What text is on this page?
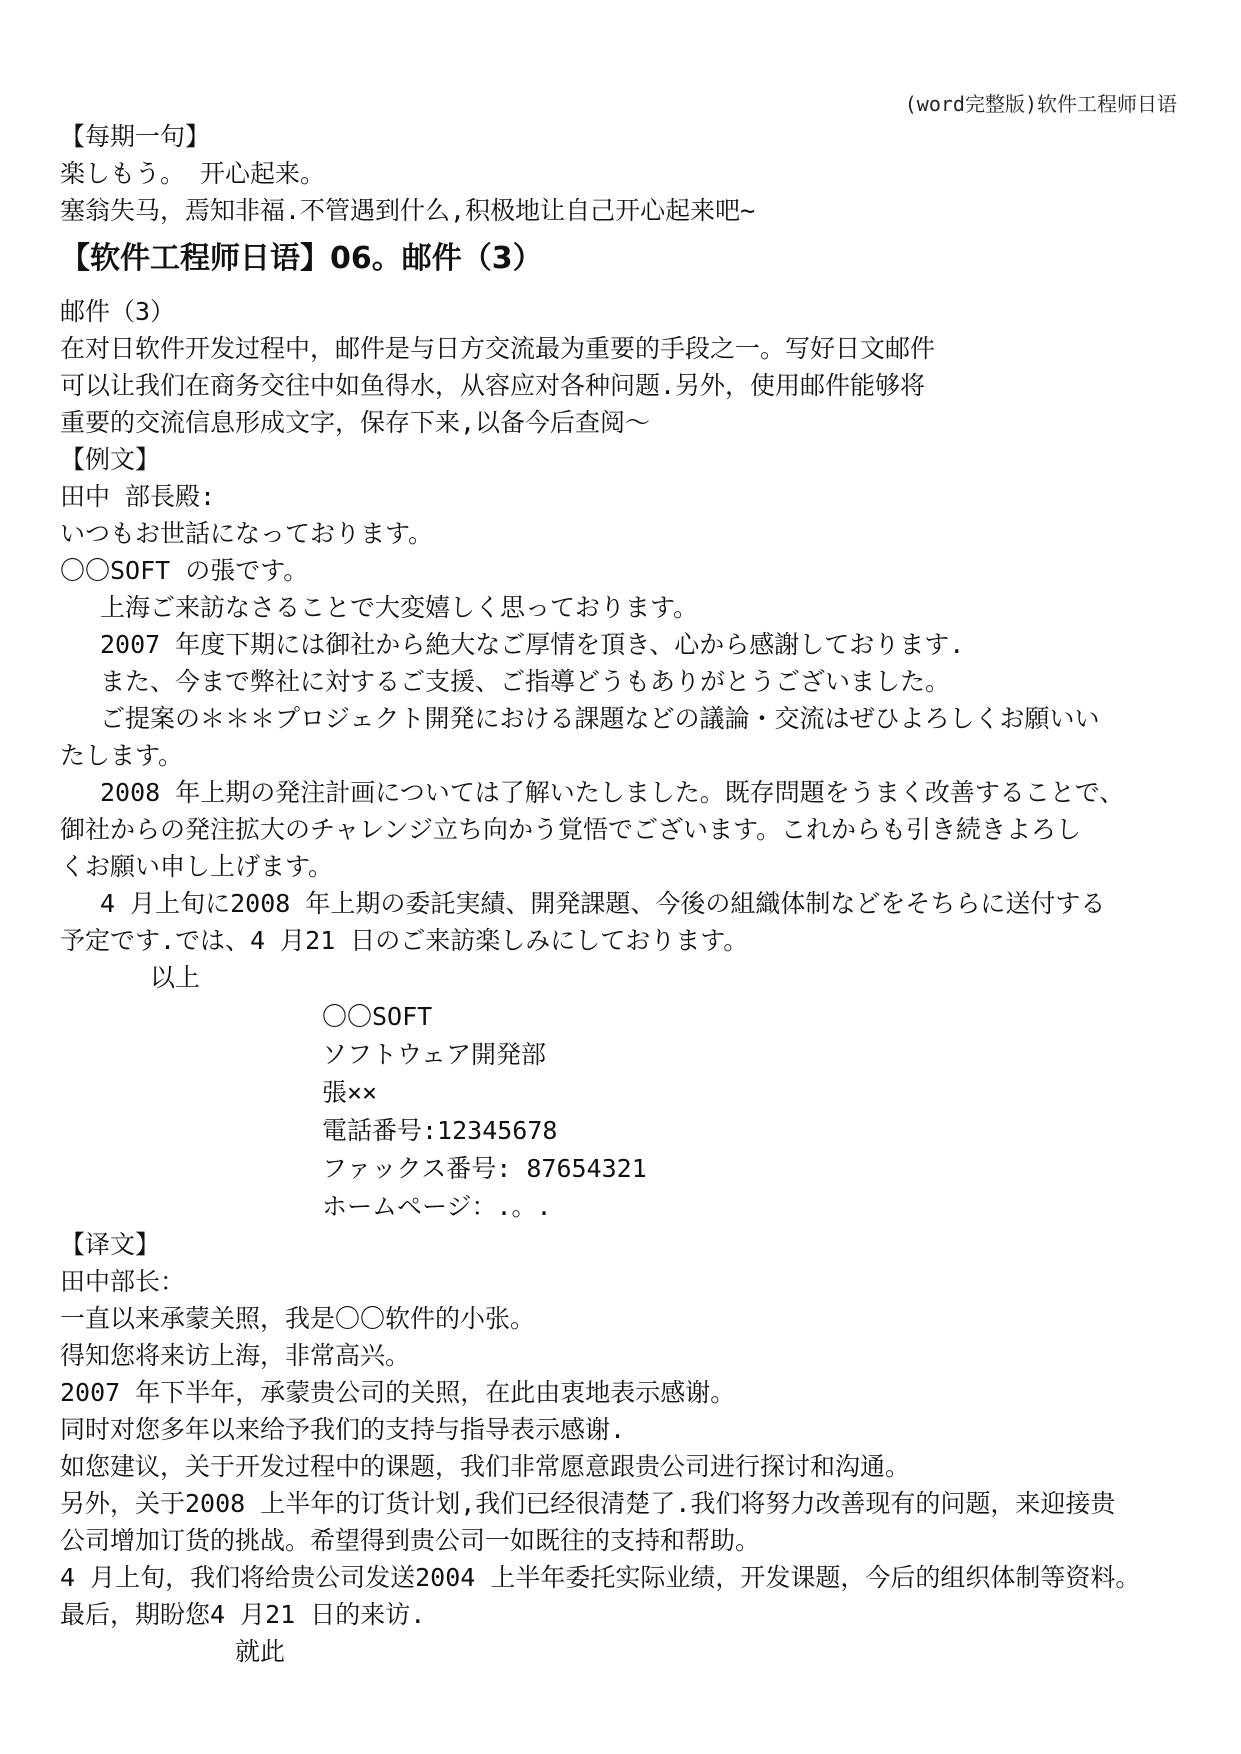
(word完整版)软件工程师日语

【每期一句】

楽しもう。 开心起来。

塞翁失马，焉知非福.不管遇到什么,积极地让自己开心起来吧~

【软件工程师日语】06。邮件（3）

邮件（3）

在对日软件开发过程中，邮件是与日方交流最为重要的手段之一。写好日文邮件

可以让我们在商务交往中如鱼得水，从容应对各种问题.另外，使用邮件能够将

重要的交流信息形成文字，保存下来,以备今后查阅～

【例文】

田中 部長殿:

いつもお世話になっております。

〇〇SOFT の張です。

上海ご来訪なさることで大変嬉しく思っております。

2007 年度下期には御社から絶大なご厚情を頂き、心から感謝しております.

また、今まで弊社に対するご支援、ご指導どうもありがとうございました。

ご提案の＊＊＊プロジェクト開発における課題などの議論・交流はぜひよろしくお願いい

たします。

2008 年上期の発注計画については了解いたしました。既存問題をうまく改善することで、

御社からの発注拡大のチャレンジ立ち向かう覚悟でございます。これからも引き続きよろし

くお願い申し上げます。

4 月上旬に2008 年上期の委託実績、開発課題、今後の組織体制などをそちらに送付する

予定です.では、4 月21 日のご来訪楽しみにしております。

以上

〇〇SOFT

ソフトウェア開発部

張××

電話番号:12345678

ファックス番号: 87654321

ホームページ：.。.

【译文】

田中部长：

一直以来承蒙关照，我是〇〇软件的小张。

得知您将来访上海，非常高兴。

2007 年下半年，承蒙贵公司的关照，在此由衷地表示感谢。

同时对您多年以来给予我们的支持与指导表示感谢.

如您建议，关于开发过程中的课题，我们非常愿意跟贵公司进行探讨和沟通。

另外，关于2008 上半年的订货计划,我们已经很清楚了.我们将努力改善现有的问题，来迎接贵

公司增加订货的挑战。希望得到贵公司一如既往的支持和帮助。

4 月上旬，我们将给贵公司发送2004 上半年委托实际业绩，开发课题，今后的组织体制等资料。

最后，期盼您4 月21 日的来访.

就此
